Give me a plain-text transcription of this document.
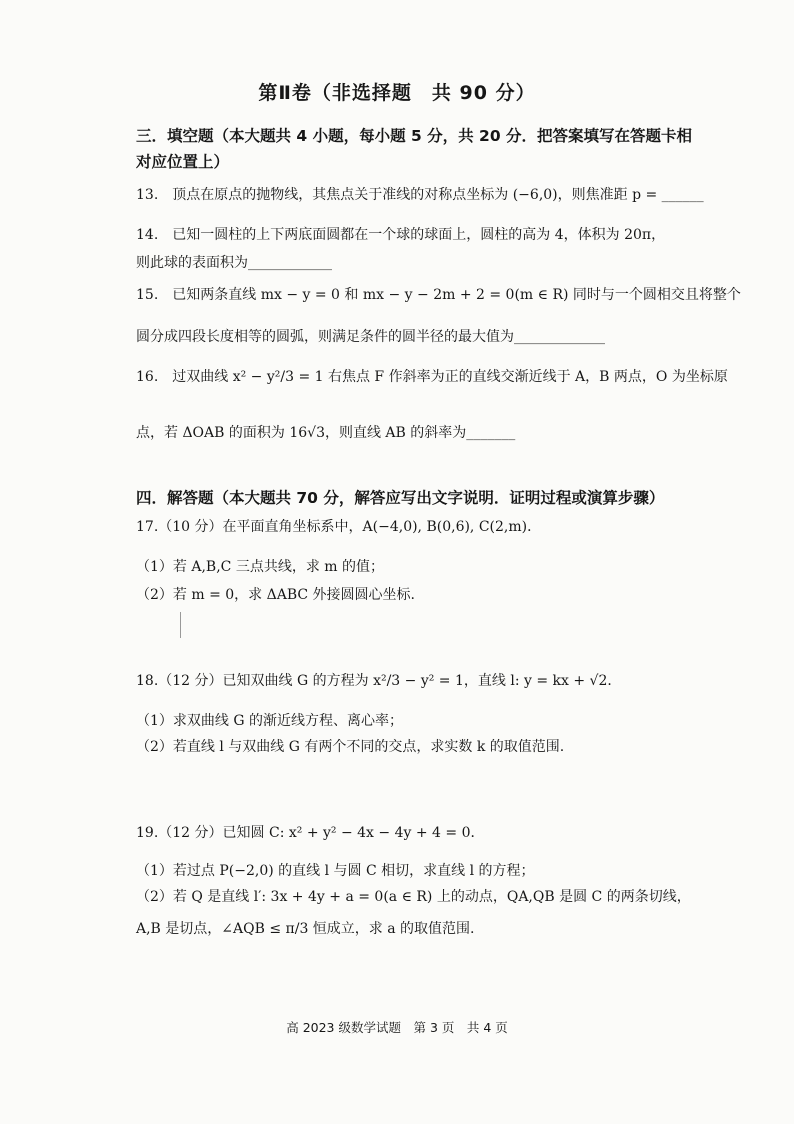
第Ⅱ卷（非选择题　共 90 分）
三．填空题（本大题共 4 小题，每小题 5 分，共 20 分．把答案填写在答题卡相
对应位置上）
13.　顶点在原点的抛物线，其焦点关于准线的对称点坐标为 (−6,0)，则焦准距 p = ______
14.　已知一圆柱的上下两底面圆都在一个球的球面上，圆柱的高为 4，体积为 20π，
则此球的表面积为____________
15.　已知两条直线 mx − y = 0 和 mx − y − 2m + 2 = 0(m ∈ R) 同时与一个圆相交且将整个
圆分成四段长度相等的圆弧，则满足条件的圆半径的最大值为_____________
16.　过双曲线 x² − y²/3 = 1 右焦点 F 作斜率为正的直线交渐近线于 A，B 两点，O 为坐标原
点，若 ΔOAB 的面积为 16√3，则直线 AB 的斜率为_______
四．解答题（本大题共 70 分，解答应写出文字说明．证明过程或演算步骤）
17.（10 分）在平面直角坐标系中，A(−4,0), B(0,6), C(2,m)．
（1）若 A,B,C 三点共线，求 m 的值；
（2）若 m = 0，求 ΔABC 外接圆圆心坐标.
18.（12 分）已知双曲线 G 的方程为 x²/3 − y² = 1，直线 l: y = kx + √2．
（1）求双曲线 G 的渐近线方程、离心率；
（2）若直线 l 与双曲线 G 有两个不同的交点，求实数 k 的取值范围.
19.（12 分）已知圆 C: x² + y² − 4x − 4y + 4 = 0．
（1）若过点 P(−2,0) 的直线 l 与圆 C 相切，求直线 l 的方程；
（2）若 Q 是直线 l′: 3x + 4y + a = 0(a ∈ R) 上的动点，QA,QB 是圆 C 的两条切线，
A,B 是切点，∠AQB ≤ π/3 恒成立，求 a 的取值范围.
高 2023 级数学试题　第 3 页　共 4 页
